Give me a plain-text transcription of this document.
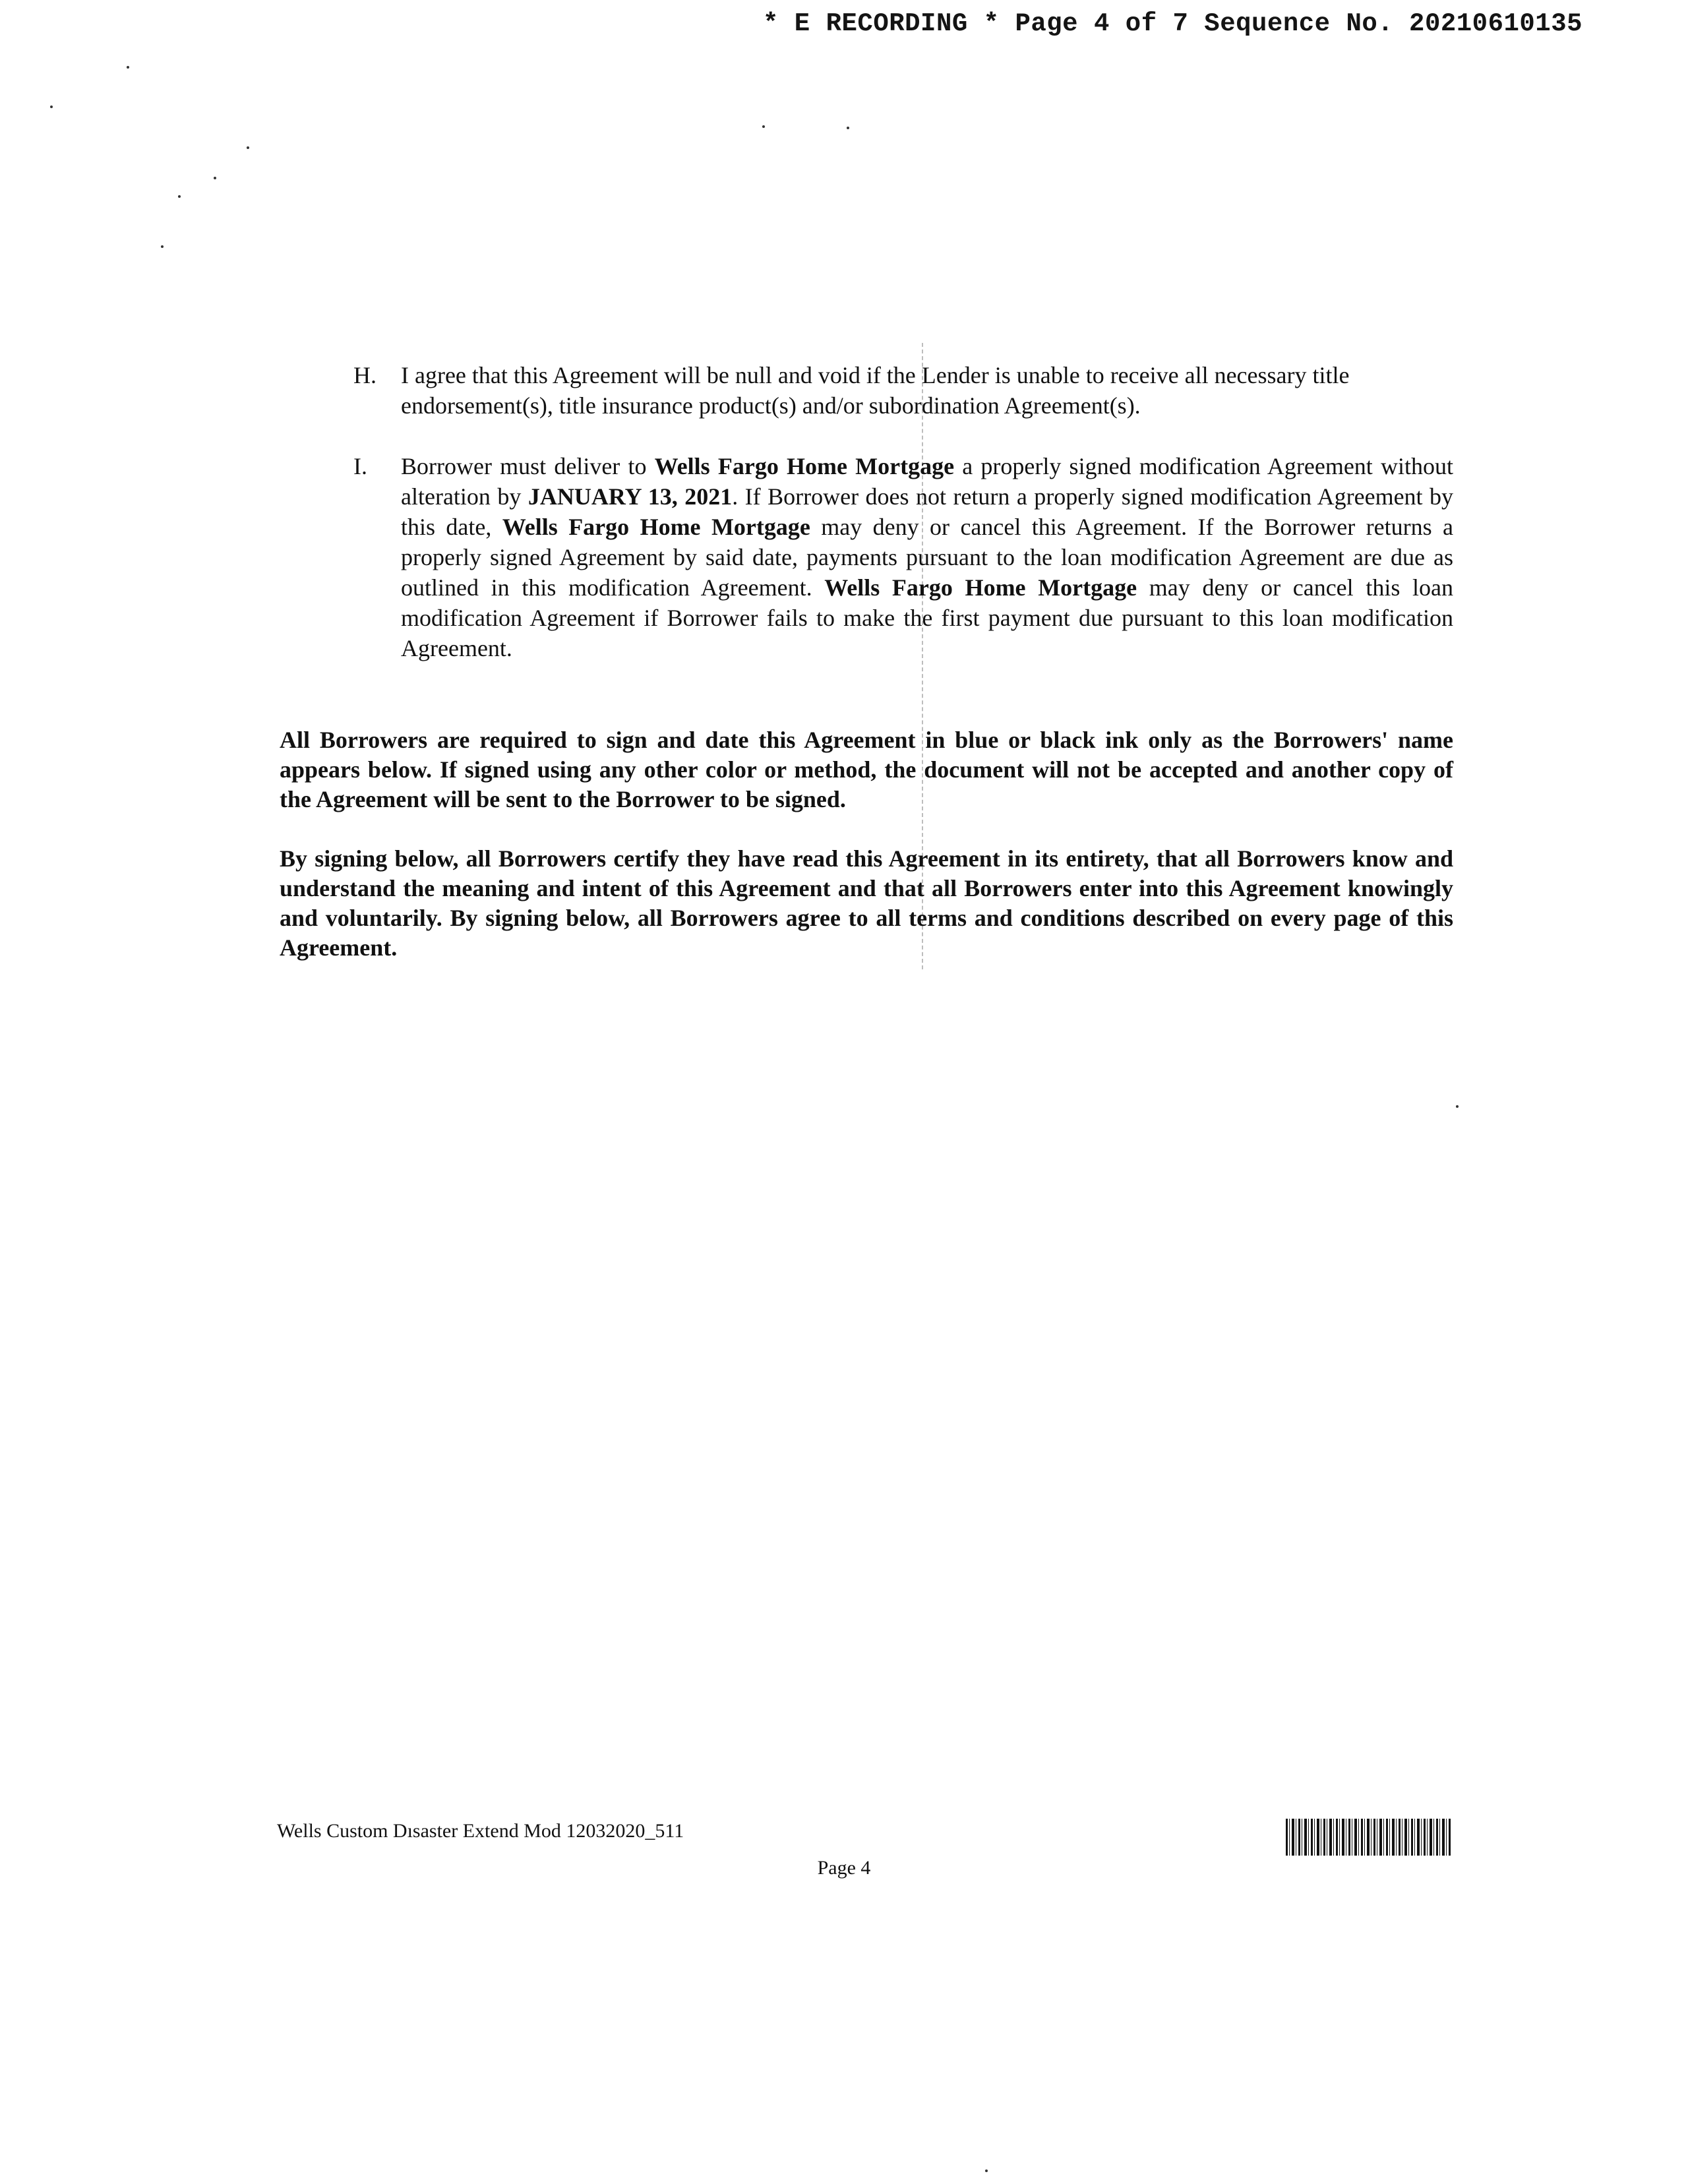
* E RECORDING * Page 4 of 7 Sequence No. 20210610135
H. I agree that this Agreement will be null and void if the Lender is unable to receive all necessary title endorsement(s), title insurance product(s) and/or subordination Agreement(s).
I. Borrower must deliver to Wells Fargo Home Mortgage a properly signed modification Agreement without alteration by JANUARY 13, 2021. If Borrower does not return a properly signed modification Agreement by this date, Wells Fargo Home Mortgage may deny or cancel this Agreement. If the Borrower returns a properly signed Agreement by said date, payments pursuant to the loan modification Agreement are due as outlined in this modification Agreement. Wells Fargo Home Mortgage may deny or cancel this loan modification Agreement if Borrower fails to make the first payment due pursuant to this loan modification Agreement.
All Borrowers are required to sign and date this Agreement in blue or black ink only as the Borrowers' name appears below. If signed using any other color or method, the document will not be accepted and another copy of the Agreement will be sent to the Borrower to be signed.
By signing below, all Borrowers certify they have read this Agreement in its entirety, that all Borrowers know and understand the meaning and intent of this Agreement and that all Borrowers enter into this Agreement knowingly and voluntarily. By signing below, all Borrowers agree to all terms and conditions described on every page of this Agreement.
Wells Custom Dısaster Extend Mod 12032020_511
Page 4
